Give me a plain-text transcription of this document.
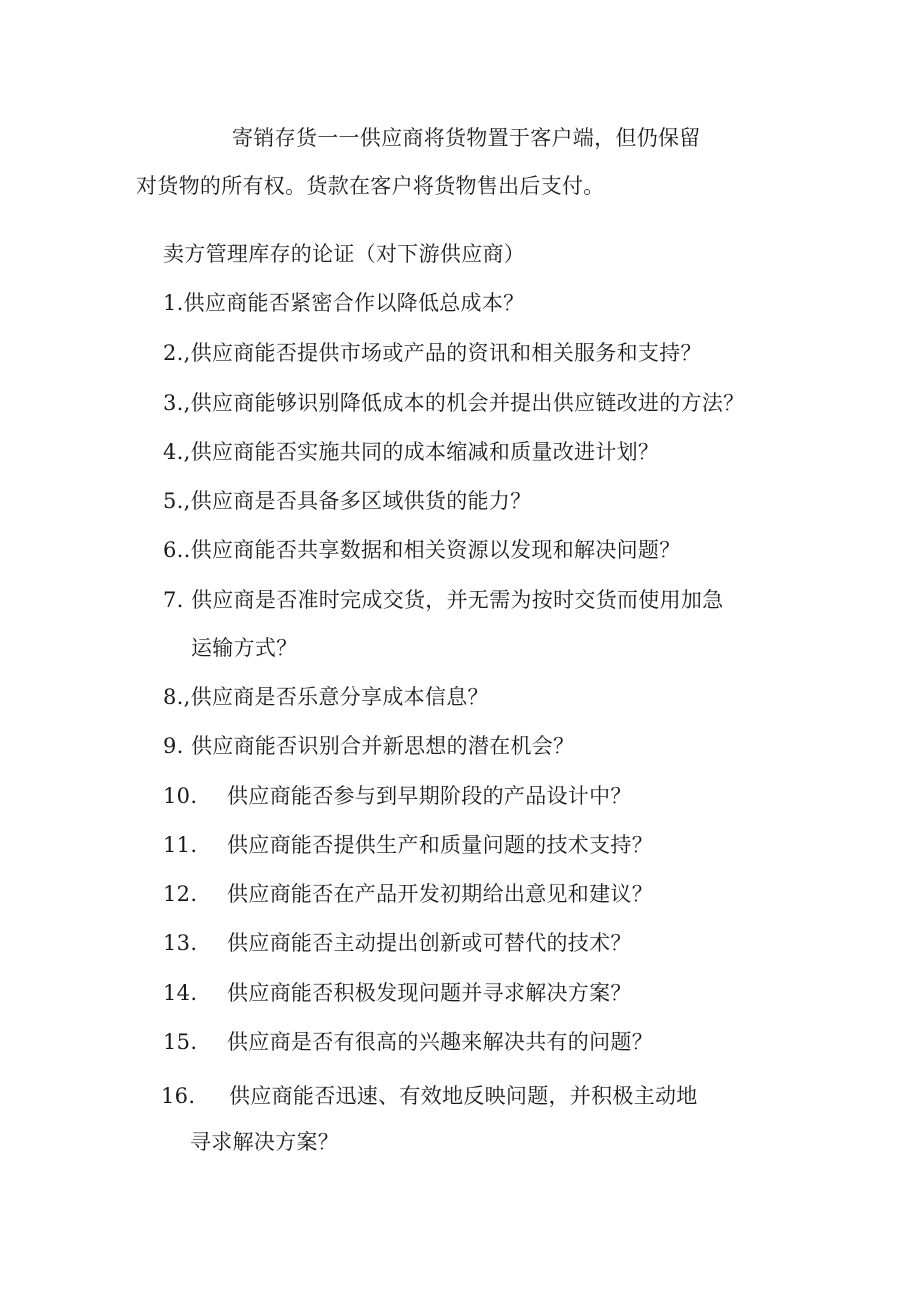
寄销存货一一供应商将货物置于客户端，但仍保留
对货物的所有权。货款在客户将货物售出后支付。
卖方管理库存的论证（对下游供应商）
1.供应商能否紧密合作以降低总成本？
2.,供应商能否提供市场或产品的资讯和相关服务和支持？
3.,供应商能够识别降低成本的机会并提出供应链改进的方法？
4.,供应商能否实施共同的成本缩减和质量改进计划？
5.,供应商是否具备多区域供货的能力？
6..供应商能否共享数据和相关资源以发现和解决问题？
7. 供应商是否准时完成交货，并无需为按时交货而使用加急
运输方式？
8.,供应商是否乐意分享成本信息？
9. 供应商能否识别合并新思想的潜在机会？
10. 供应商能否参与到早期阶段的产品设计中？
11. 供应商能否提供生产和质量问题的技术支持？
12. 供应商能否在产品开发初期给出意见和建议？
13. 供应商能否主动提出创新或可替代的技术？
14. 供应商能否积极发现问题并寻求解决方案？
15. 供应商是否有很高的兴趣来解决共有的问题？
16. 供应商能否迅速、有效地反映问题，并积极主动地
寻求解决方案？
